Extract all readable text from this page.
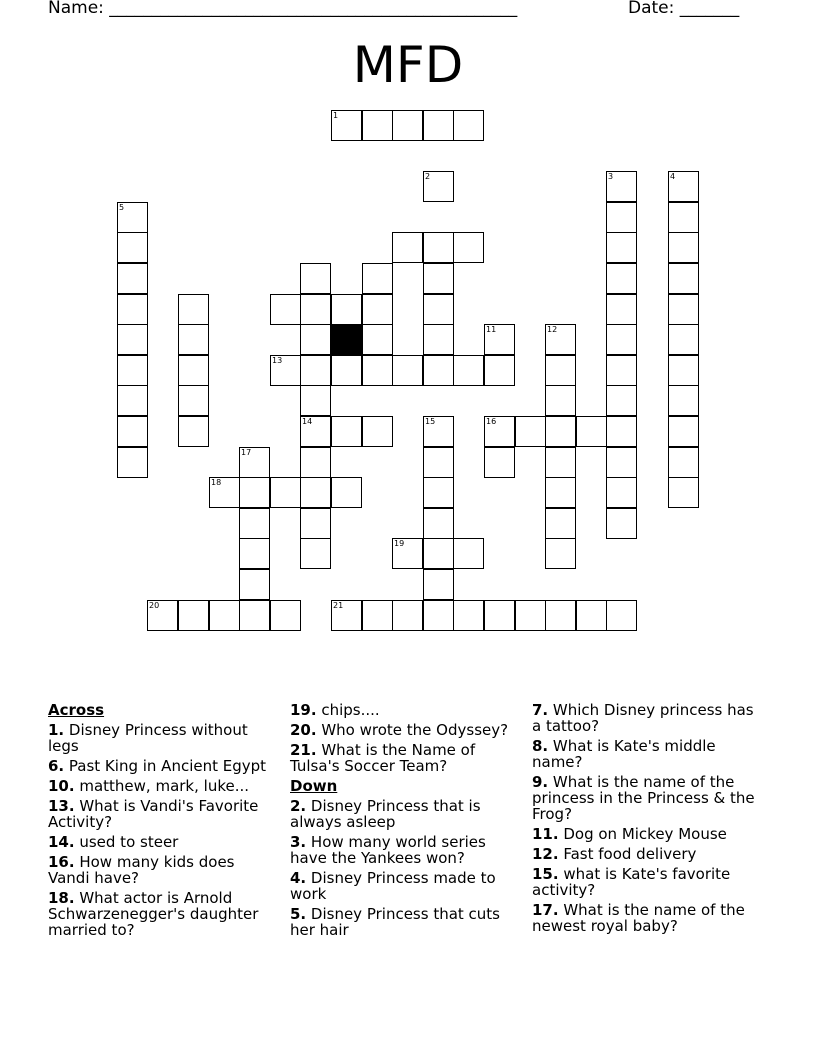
Name: ________________________________________________	Date: _______
MFD
1
2	3	4
5
11	12
13
14	15	16
17
18
19
20	21
Across
1. Disney Princess without legs
6. Past King in Ancient Egypt
10. matthew, mark, luke...
13. What is Vandi's Favorite Activity?
14. used to steer
16. How many kids does Vandi have?
18. What actor is Arnold Schwarzenegger's daughter married to?
19. chips....
20. Who wrote the Odyssey?
21. What is the Name of Tulsa's Soccer Team?
Down
2. Disney Princess that is always asleep
3. How many world series have the Yankees won?
4. Disney Princess made to work
5. Disney Princess that cuts her hair
7. Which Disney princess has a tattoo?
8. What is Kate's middle name?
9. What is the name of the princess in the Princess & the Frog?
11. Dog on Mickey Mouse
12. Fast food delivery
15. what is Kate's favorite activity?
17. What is the name of the newest royal baby?
